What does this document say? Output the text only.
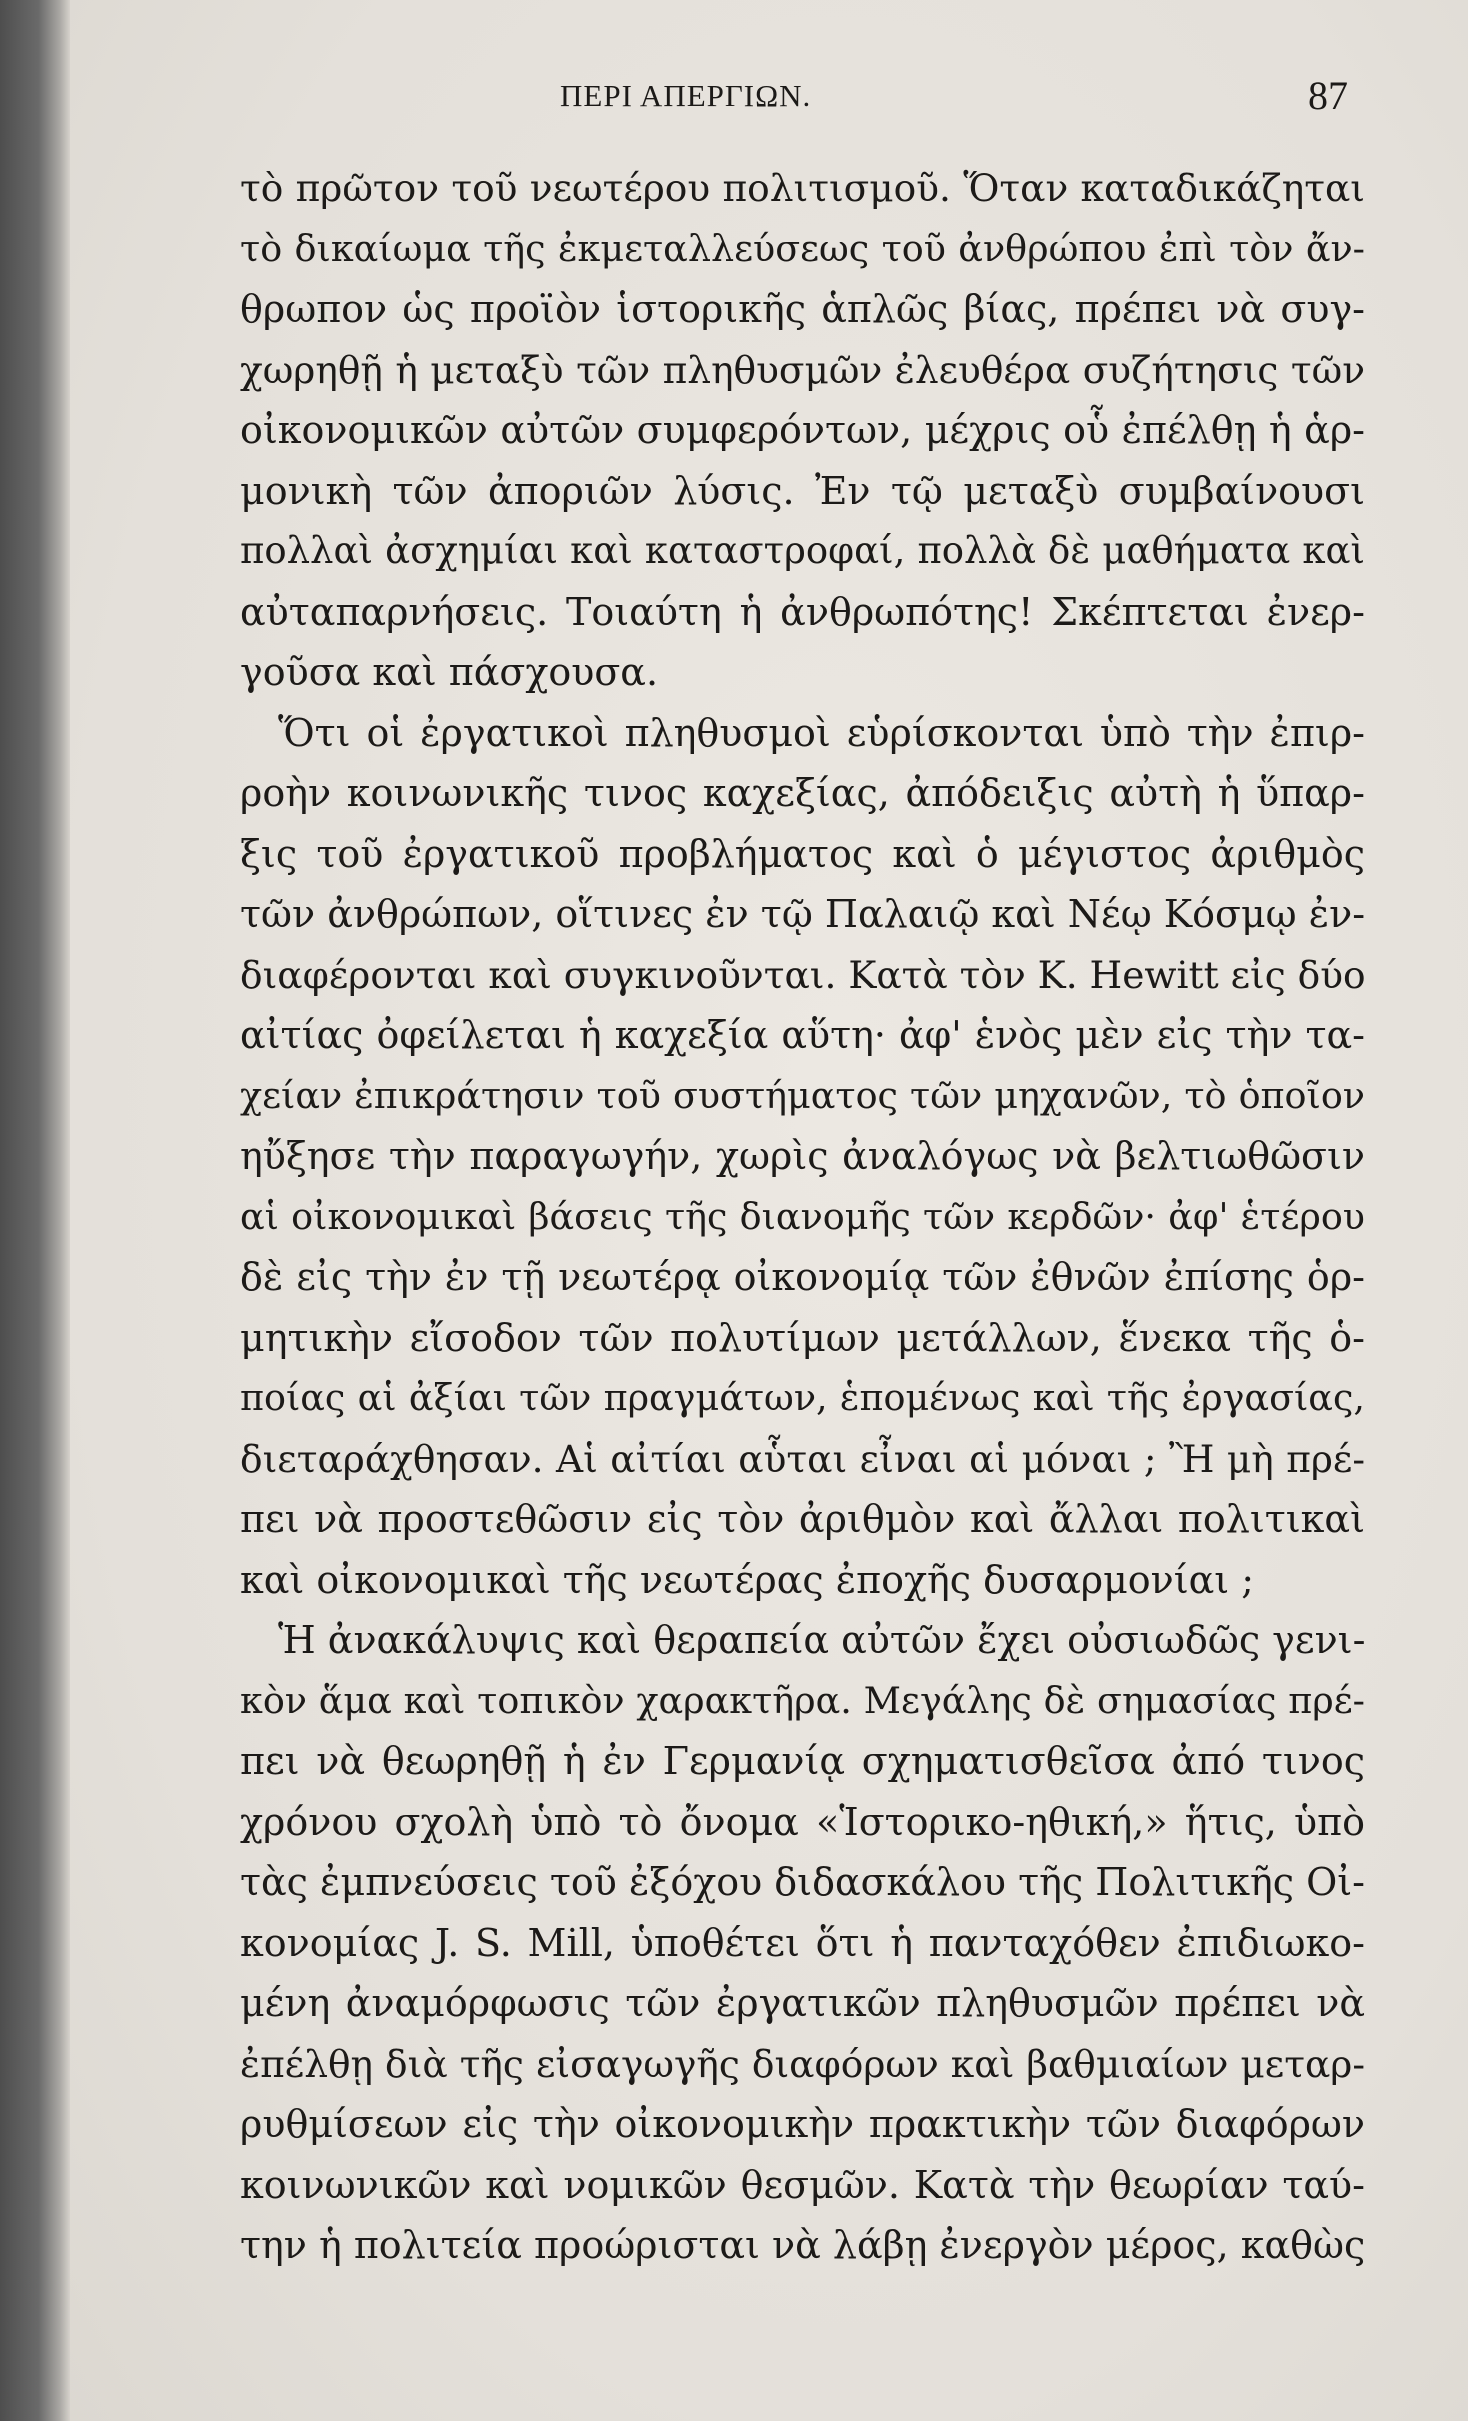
ΠΕΡΙ ΑΠΕΡΓΙΩΝ.	87
τὸ πρῶτον τοῦ νεωτέρου πολιτισμοῦ. Ὅταν καταδικάζηται
τὸ δικαίωμα τῆς ἐκμεταλλεύσεως τοῦ ἀνθρώπου ἐπὶ τὸν ἄν-
θρωπον ὡς προϊὸν ἱστορικῆς ἁπλῶς βίας, πρέπει νὰ συγ-
χωρηθῇ ἡ μεταξὺ τῶν πληθυσμῶν ἐλευθέρα συζήτησις τῶν
οἰκονομικῶν αὐτῶν συμφερόντων, μέχρις οὗ ἐπέλθῃ ἡ ἁρ-
μονικὴ τῶν ἀποριῶν λύσις. Ἐν τῷ μεταξὺ συμβαίνουσι
πολλαὶ ἀσχημίαι καὶ καταστροφαί, πολλὰ δὲ μαθήματα καὶ
αὐταπαρνήσεις. Τοιαύτη ἡ ἀνθρωπότης! Σκέπτεται ἐνερ-
γοῦσα καὶ πάσχουσα.
Ὅτι οἱ ἐργατικοὶ πληθυσμοὶ εὑρίσκονται ὑπὸ τὴν ἐπιρ-
ροὴν κοινωνικῆς τινος καχεξίας, ἀπόδειξις αὐτὴ ἡ ὕπαρ-
ξις τοῦ ἐργατικοῦ προβλήματος καὶ ὁ μέγιστος ἀριθμὸς
τῶν ἀνθρώπων, οἵτινες ἐν τῷ Παλαιῷ καὶ Νέῳ Κόσμῳ ἐν-
διαφέρονται καὶ συγκινοῦνται. Κατὰ τὸν Κ. Hewitt εἰς δύο
αἰτίας ὀφείλεται ἡ καχεξία αὕτη· ἀφ' ἑνὸς μὲν εἰς τὴν τα-
χείαν ἐπικράτησιν τοῦ συστήματος τῶν μηχανῶν, τὸ ὁποῖον
ηὔξησε τὴν παραγωγήν, χωρὶς ἀναλόγως νὰ βελτιωθῶσιν
αἱ οἰκονομικαὶ βάσεις τῆς διανομῆς τῶν κερδῶν· ἀφ' ἑτέρου
δὲ εἰς τὴν ἐν τῇ νεωτέρᾳ οἰκονομίᾳ τῶν ἐθνῶν ἐπίσης ὁρ-
μητικὴν εἴσοδον τῶν πολυτίμων μετάλλων, ἕνεκα τῆς ὁ-
ποίας αἱ ἀξίαι τῶν πραγμάτων, ἑπομένως καὶ τῆς ἐργασίας,
διεταράχθησαν. Αἱ αἰτίαι αὗται εἶναι αἱ μόναι ; Ἢ μὴ πρέ-
πει νὰ προστεθῶσιν εἰς τὸν ἀριθμὸν καὶ ἄλλαι πολιτικαὶ
καὶ οἰκονομικαὶ τῆς νεωτέρας ἐποχῆς δυσαρμονίαι ;
Ἡ ἀνακάλυψις καὶ θεραπεία αὐτῶν ἔχει οὐσιωδῶς γενι-
κὸν ἅμα καὶ τοπικὸν χαρακτῆρα. Μεγάλης δὲ σημασίας πρέ-
πει νὰ θεωρηθῇ ἡ ἐν Γερμανίᾳ σχηματισθεῖσα ἀπό τινος
χρόνου σχολὴ ὑπὸ τὸ ὄνομα «Ἱστορικο-ηθική,» ἥτις, ὑπὸ
τὰς ἐμπνεύσεις τοῦ ἐξόχου διδασκάλου τῆς Πολιτικῆς Οἰ-
κονομίας J. S. Mill, ὑποθέτει ὅτι ἡ πανταχόθεν ἐπιδιωκο-
μένη ἀναμόρφωσις τῶν ἐργατικῶν πληθυσμῶν πρέπει νὰ
ἐπέλθῃ διὰ τῆς εἰσαγωγῆς διαφόρων καὶ βαθμιαίων μεταρ-
ρυθμίσεων εἰς τὴν οἰκονομικὴν πρακτικὴν τῶν διαφόρων
κοινωνικῶν καὶ νομικῶν θεσμῶν. Κατὰ τὴν θεωρίαν ταύ-
την ἡ πολιτεία προώρισται νὰ λάβῃ ἐνεργὸν μέρος, καθὼς
